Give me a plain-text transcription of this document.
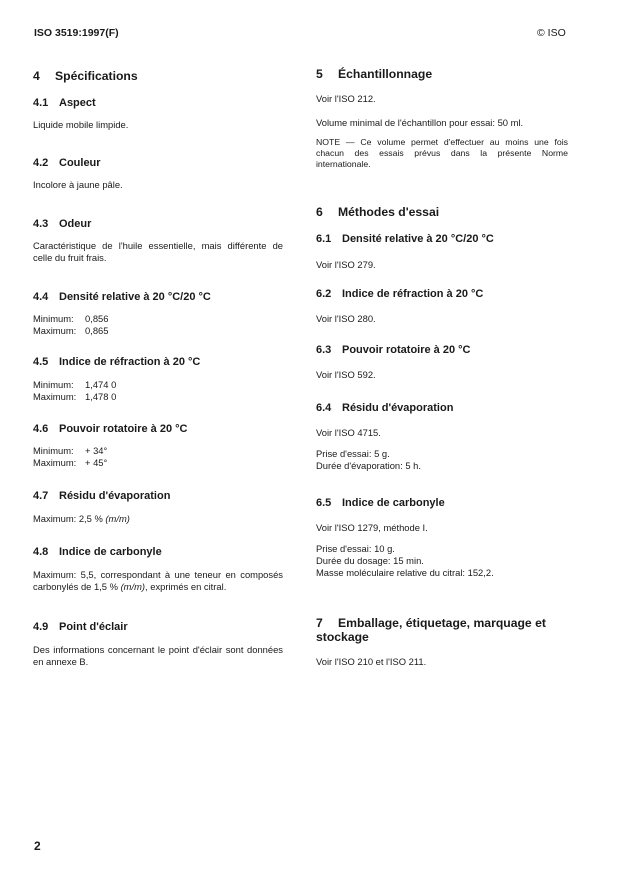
ISO 3519:1997(F)	© ISO
4 Spécifications
4.1 Aspect

Liquide mobile limpide.

4.2 Couleur

Incolore à jaune pâle.

4.3 Odeur

Caractéristique de l'huile essentielle, mais différente de celle du fruit frais.

4.4 Densité relative à 20 °C/20 °C
Minimum:	0,856
Maximum: 0,865
4.5 Indice de réfraction à 20 °C
Minimum:	1,474 0
Maximum: 1,478 0
4.6 Pouvoir rotatoire à 20 °C
Minimum:	+ 34°
Maximum: + 45°
4.7 Résidu d'évaporation

Maximum: 2,5 % (m/m)

4.8 Indice de carbonyle

Maximum: 5,5, correspondant à une teneur en composés carbonylés de 1,5 % (m/m), exprimés en citral.

4.9 Point d'éclair

Des informations concernant le point d'éclair sont données en annexe B.

5 Échantillonnage

Voir l'ISO 212.

Volume minimal de l'échantillon pour essai: 50 ml.

NOTE — Ce volume permet d'effectuer au moins une fois chacun des essais prévus dans la présente Norme internationale.

6 Méthodes d'essai
6.1 Densité relative à 20 °C/20 °C

Voir l'ISO 279.

6.2 Indice de réfraction à 20 °C

Voir l'ISO 280.

6.3 Pouvoir rotatoire à 20 °C

Voir l'ISO 592.

6.4 Résidu d'évaporation

Voir l'ISO 4715.

Prise d'essai: 5 g.

Durée d'évaporation: 5 h.

6.5 Indice de carbonyle

Voir l'ISO 1279, méthode I.

Prise d'essai: 10 g.

Durée du dosage: 15 min.

Masse moléculaire relative du citral: 152,2.

7 Emballage, étiquetage, marquage et
stockage

Voir l'ISO 210 et l'ISO 211.

2
